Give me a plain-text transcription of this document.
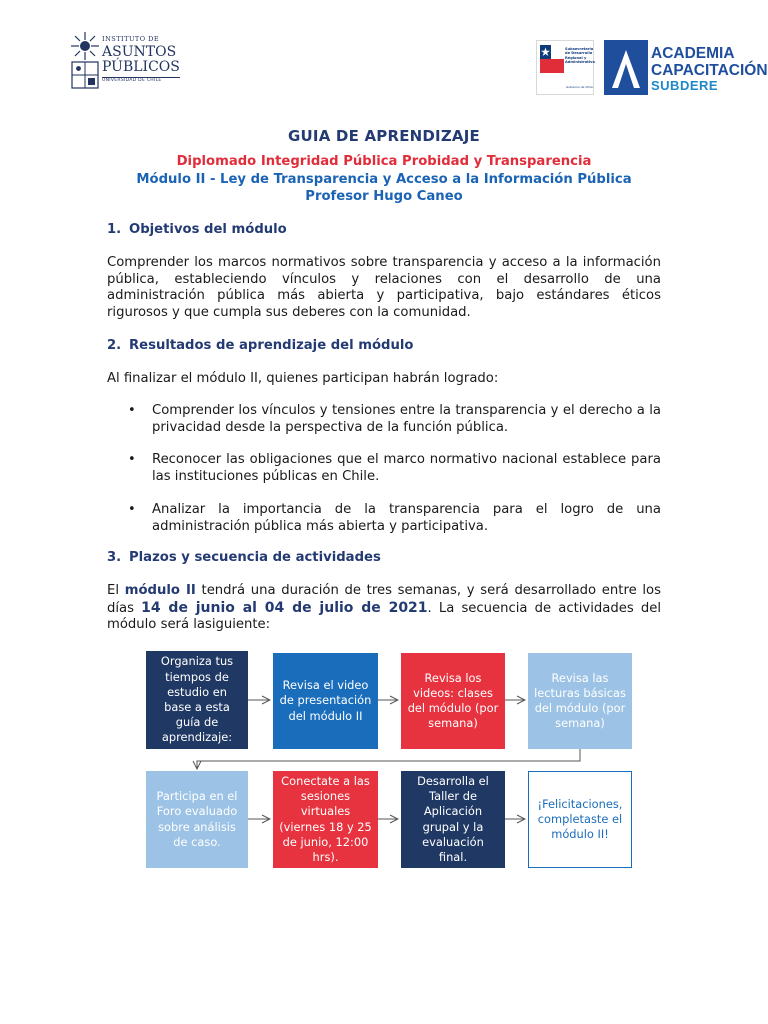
INSTITUTO DE
ASUNTOS
PÚBLICOS
UNIVERSIDAD DE CHILE
Subsecretaría de Desarrollo Regional y Administrativo
Gobierno de Chile
ACADEMIA
CAPACITACIÓN
SUBDERE
GUIA DE APRENDIZAJE
Diplomado Integridad Pública Probidad y Transparencia
Módulo II - Ley de Transparencia y Acceso a la Información Pública
Profesor Hugo Caneo
1. Objetivos del módulo
Comprender los marcos normativos sobre transparencia y acceso a la información pública, estableciendo vínculos y relaciones con el desarrollo de una administración pública más abierta y participativa, bajo estándares éticos rigurosos y que cumpla sus deberes con la comunidad.
2. Resultados de aprendizaje del módulo
Al finalizar el módulo II, quienes participan habrán logrado:
• Comprender los vínculos y tensiones entre la transparencia y el derecho a la privacidad desde la perspectiva de la función pública.
• Reconocer las obligaciones que el marco normativo nacional establece para las instituciones públicas en Chile.
• Analizar la importancia de la transparencia para el logro de una administración pública más abierta y participativa.
3. Plazos y secuencia de actividades
El módulo II tendrá una duración de tres semanas, y será desarrollado entre los días 14 de junio al 04 de julio de 2021. La secuencia de actividades del módulo será lasiguiente:
Organiza tus tiempos de estudio en base a esta guía de aprendizaje:
Revisa el video de presentación del módulo II
Revisa los videos: clases del módulo (por semana)
Revisa las lecturas básicas del módulo (por semana)
Participa en el Foro evaluado sobre análisis de caso.
Conectate a las sesiones virtuales (viernes 18 y 25 de junio, 12:00 hrs).
Desarrolla el Taller de Aplicación grupal y la evaluación final.
¡Felicitaciones, completaste el módulo II!
